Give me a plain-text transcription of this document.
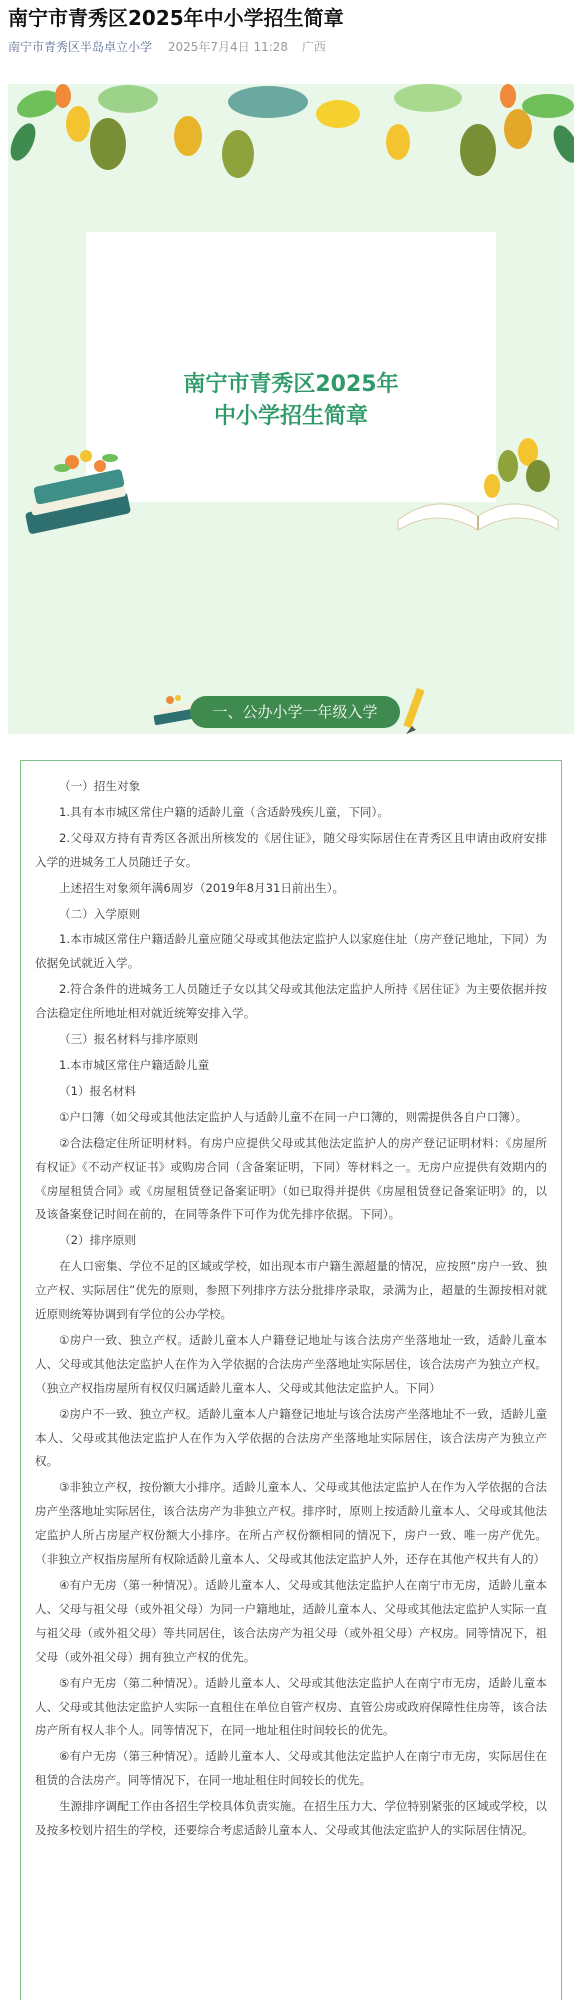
南宁市青秀区2025年中小学招生简章
南宁市青秀区半岛卓立小学 2025年7月4日 11:28 广西
南宁市青秀区2025年
中小学招生简章
一、公办小学一年级入学

（一）招生对象

1.具有本市城区常住户籍的适龄儿童（含适龄残疾儿童，下同）。

2.父母双方持有青秀区各派出所核发的《居住证》，随父母实际居住在青秀区且申请由政府安排入学的进城务工人员随迁子女。

上述招生对象须年满6周岁（2019年8月31日前出生）。

（二）入学原则

1.本市城区常住户籍适龄儿童应随父母或其他法定监护人以家庭住址（房产登记地址，下同）为依据免试就近入学。

2.符合条件的进城务工人员随迁子女以其父母或其他法定监护人所持《居住证》为主要依据并按合法稳定住所地址相对就近统筹安排入学。

（三）报名材料与排序原则

1.本市城区常住户籍适龄儿童

（1）报名材料

①户口簿（如父母或其他法定监护人与适龄儿童不在同一户口簿的，则需提供各自户口簿）。

②合法稳定住所证明材料。有房户应提供父母或其他法定监护人的房产登记证明材料：《房屋所有权证》《不动产权证书》或购房合同（含备案证明，下同）等材料之一。无房户应提供有效期内的《房屋租赁合同》或《房屋租赁登记备案证明》（如已取得并提供《房屋租赁登记备案证明》的，以及该备案登记时间在前的，在同等条件下可作为优先排序依据。下同）。

（2）排序原则

在人口密集、学位不足的区域或学校，如出现本市户籍生源超量的情况，应按照“房户一致、独立产权、实际居住”优先的原则，参照下列排序方法分批排序录取，录满为止，超量的生源按相对就近原则统筹协调到有学位的公办学校。

①房户一致、独立产权。适龄儿童本人户籍登记地址与该合法房产坐落地址一致，适龄儿童本人、父母或其他法定监护人在作为入学依据的合法房产坐落地址实际居住，该合法房产为独立产权。（独立产权指房屋所有权仅归属适龄儿童本人、父母或其他法定监护人。下同）

②房户不一致、独立产权。适龄儿童本人户籍登记地址与该合法房产坐落地址不一致，适龄儿童本人、父母或其他法定监护人在作为入学依据的合法房产坐落地址实际居住，该合法房产为独立产权。

③非独立产权，按份额大小排序。适龄儿童本人、父母或其他法定监护人在作为入学依据的合法房产坐落地址实际居住，该合法房产为非独立产权。排序时，原则上按适龄儿童本人、父母或其他法定监护人所占房屋产权份额大小排序。在所占产权份额相同的情况下，房户一致、唯一房产优先。（非独立产权指房屋所有权除适龄儿童本人、父母或其他法定监护人外，还存在其他产权共有人的）

④有户无房（第一种情况）。适龄儿童本人、父母或其他法定监护人在南宁市无房，适龄儿童本人、父母与祖父母（或外祖父母）为同一户籍地址，适龄儿童本人、父母或其他法定监护人实际一直与祖父母（或外祖父母）等共同居住，该合法房产为祖父母（或外祖父母）产权房。同等情况下，祖父母（或外祖父母）拥有独立产权的优先。

⑤有户无房（第二种情况）。适龄儿童本人、父母或其他法定监护人在南宁市无房，适龄儿童本人、父母或其他法定监护人实际一直租住在单位自管产权房、直管公房或政府保障性住房等，该合法房产所有权人非个人。同等情况下，在同一地址租住时间较长的优先。

⑥有户无房（第三种情况）。适龄儿童本人、父母或其他法定监护人在南宁市无房，实际居住在租赁的合法房产。同等情况下，在同一地址租住时间较长的优先。

生源排序调配工作由各招生学校具体负责实施。在招生压力大、学位特别紧张的区域或学校，以及按多校划片招生的学校，还要综合考虑适龄儿童本人、父母或其他法定监护人的实际居住情况。
